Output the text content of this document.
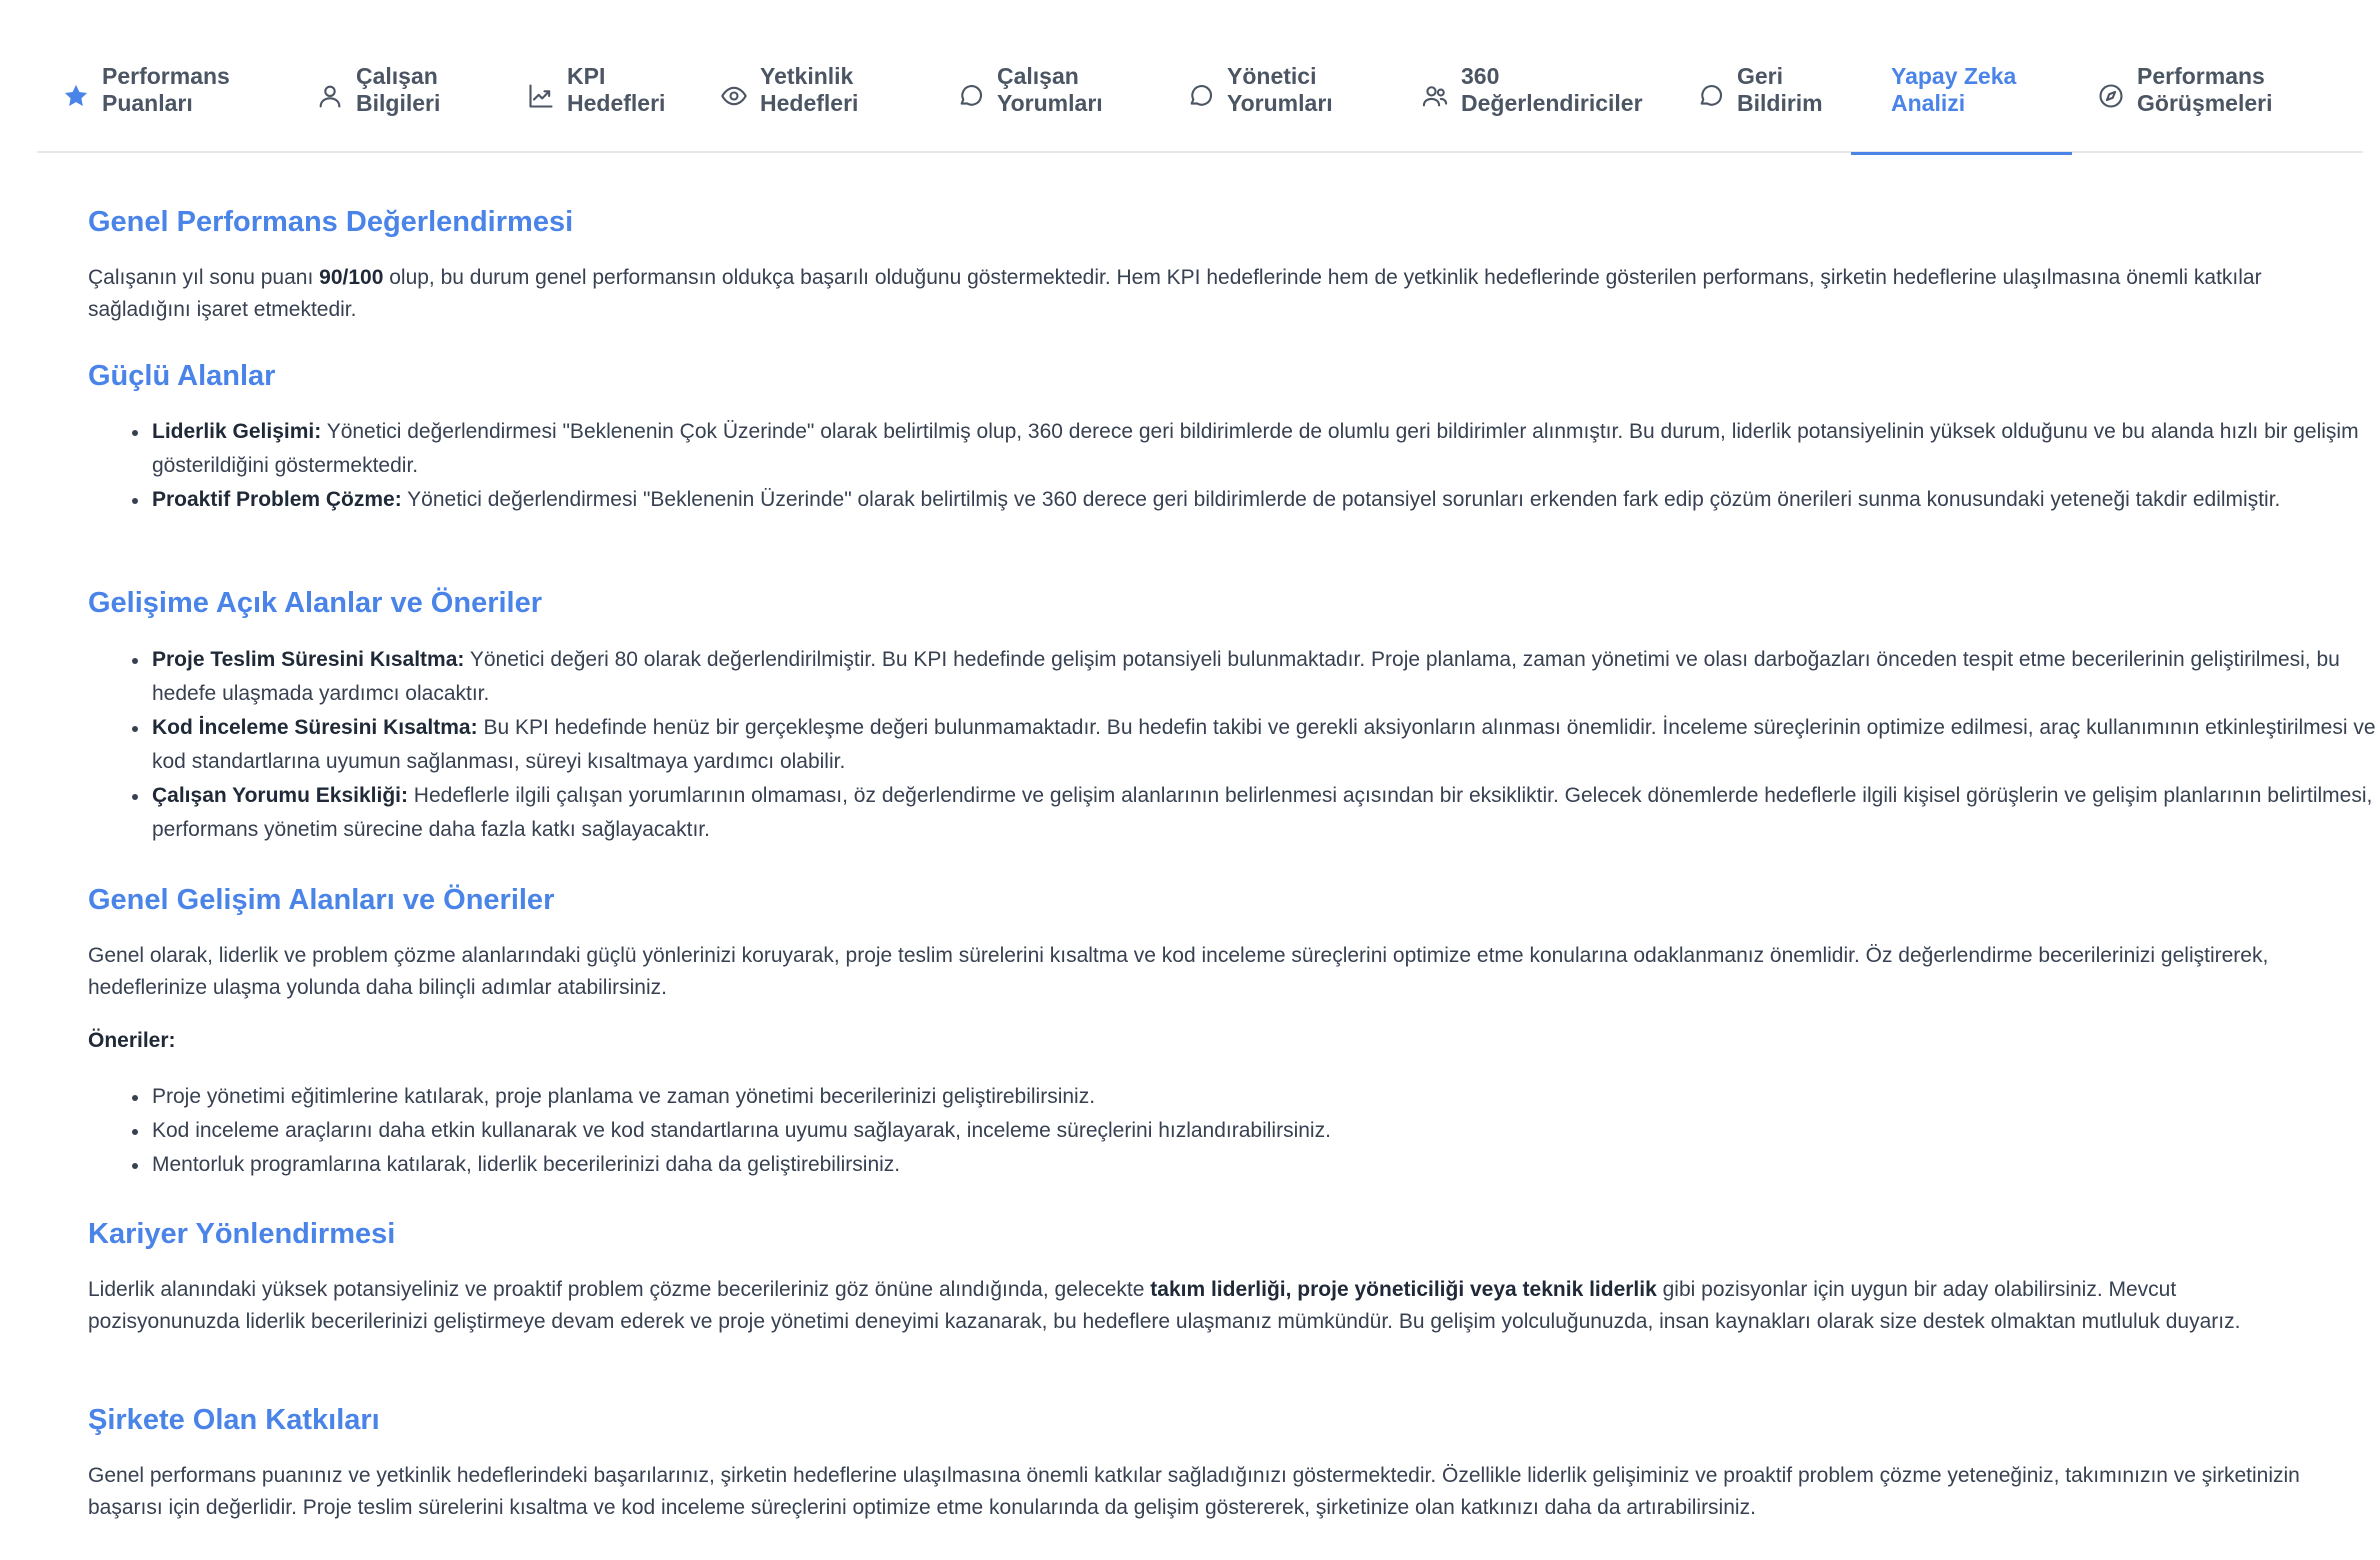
Performans
Puanları
Çalışan
Bilgileri
KPI
Hedefleri
Yetkinlik
Hedefleri
Çalışan
Yorumları
Yönetici
Yorumları
360
Değerlendiriciler
Geri
Bildirim
Yapay Zeka
Analizi
Performans
Görüşmeleri
Genel Performans Değerlendirmesi

Çalışanın yıl sonu puanı 90/100 olup, bu durum genel performansın oldukça başarılı olduğunu göstermektedir. Hem KPI hedeflerinde hem de yetkinlik hedeflerinde gösterilen performans, şirketin hedeflerine ulaşılmasına önemli katkılar sağladığını işaret etmektedir.

Güçlü Alanlar
Liderlik Gelişimi: Yönetici değerlendirmesi "Beklenenin Çok Üzerinde" olarak belirtilmiş olup, 360 derece geri bildirimlerde de olumlu geri bildirimler alınmıştır. Bu durum, liderlik potansiyelinin yüksek olduğunu ve bu alanda hızlı bir gelişim gösterildiğini göstermektedir.
Proaktif Problem Çözme: Yönetici değerlendirmesi "Beklenenin Üzerinde" olarak belirtilmiş ve 360 derece geri bildirimlerde de potansiyel sorunları erkenden fark edip çözüm önerileri sunma konusundaki yeteneği takdir edilmiştir.
Gelişime Açık Alanlar ve Öneriler
Proje Teslim Süresini Kısaltma: Yönetici değeri 80 olarak değerlendirilmiştir. Bu KPI hedefinde gelişim potansiyeli bulunmaktadır. Proje planlama, zaman yönetimi ve olası darboğazları önceden tespit etme becerilerinin geliştirilmesi, bu hedefe ulaşmada yardımcı olacaktır.
Kod İnceleme Süresini Kısaltma: Bu KPI hedefinde henüz bir gerçekleşme değeri bulunmamaktadır. Bu hedefin takibi ve gerekli aksiyonların alınması önemlidir. İnceleme süreçlerinin optimize edilmesi, araç kullanımının etkinleştirilmesi ve kod standartlarına uyumun sağlanması, süreyi kısaltmaya yardımcı olabilir.
Çalışan Yorumu Eksikliği: Hedeflerle ilgili çalışan yorumlarının olmaması, öz değerlendirme ve gelişim alanlarının belirlenmesi açısından bir eksikliktir. Gelecek dönemlerde hedeflerle ilgili kişisel görüşlerin ve gelişim planlarının belirtilmesi, performans yönetim sürecine daha fazla katkı sağlayacaktır.
Genel Gelişim Alanları ve Öneriler

Genel olarak, liderlik ve problem çözme alanlarındaki güçlü yönlerinizi koruyarak, proje teslim sürelerini kısaltma ve kod inceleme süreçlerini optimize etme konularına odaklanmanız önemlidir. Öz değerlendirme becerilerinizi geliştirerek, hedeflerinize ulaşma yolunda daha bilinçli adımlar atabilirsiniz.

Öneriler:

Proje yönetimi eğitimlerine katılarak, proje planlama ve zaman yönetimi becerilerinizi geliştirebilirsiniz.
Kod inceleme araçlarını daha etkin kullanarak ve kod standartlarına uyumu sağlayarak, inceleme süreçlerini hızlandırabilirsiniz.
Mentorluk programlarına katılarak, liderlik becerilerinizi daha da geliştirebilirsiniz.
Kariyer Yönlendirmesi

Liderlik alanındaki yüksek potansiyeliniz ve proaktif problem çözme becerileriniz göz önüne alındığında, gelecekte takım liderliği, proje yöneticiliği veya teknik liderlik gibi pozisyonlar için uygun bir aday olabilirsiniz. Mevcut pozisyonunuzda liderlik becerilerinizi geliştirmeye devam ederek ve proje yönetimi deneyimi kazanarak, bu hedeflere ulaşmanız mümkündür. Bu gelişim yolculuğunuzda, insan kaynakları olarak size destek olmaktan mutluluk duyarız.

Şirkete Olan Katkıları

Genel performans puanınız ve yetkinlik hedeflerindeki başarılarınız, şirketin hedeflerine ulaşılmasına önemli katkılar sağladığınızı göstermektedir. Özellikle liderlik gelişiminiz ve proaktif problem çözme yeteneğiniz, takımınızın ve şirketinizin başarısı için değerlidir. Proje teslim sürelerini kısaltma ve kod inceleme süreçlerini optimize etme konularında da gelişim göstererek, şirketinize olan katkınızı daha da artırabilirsiniz.
